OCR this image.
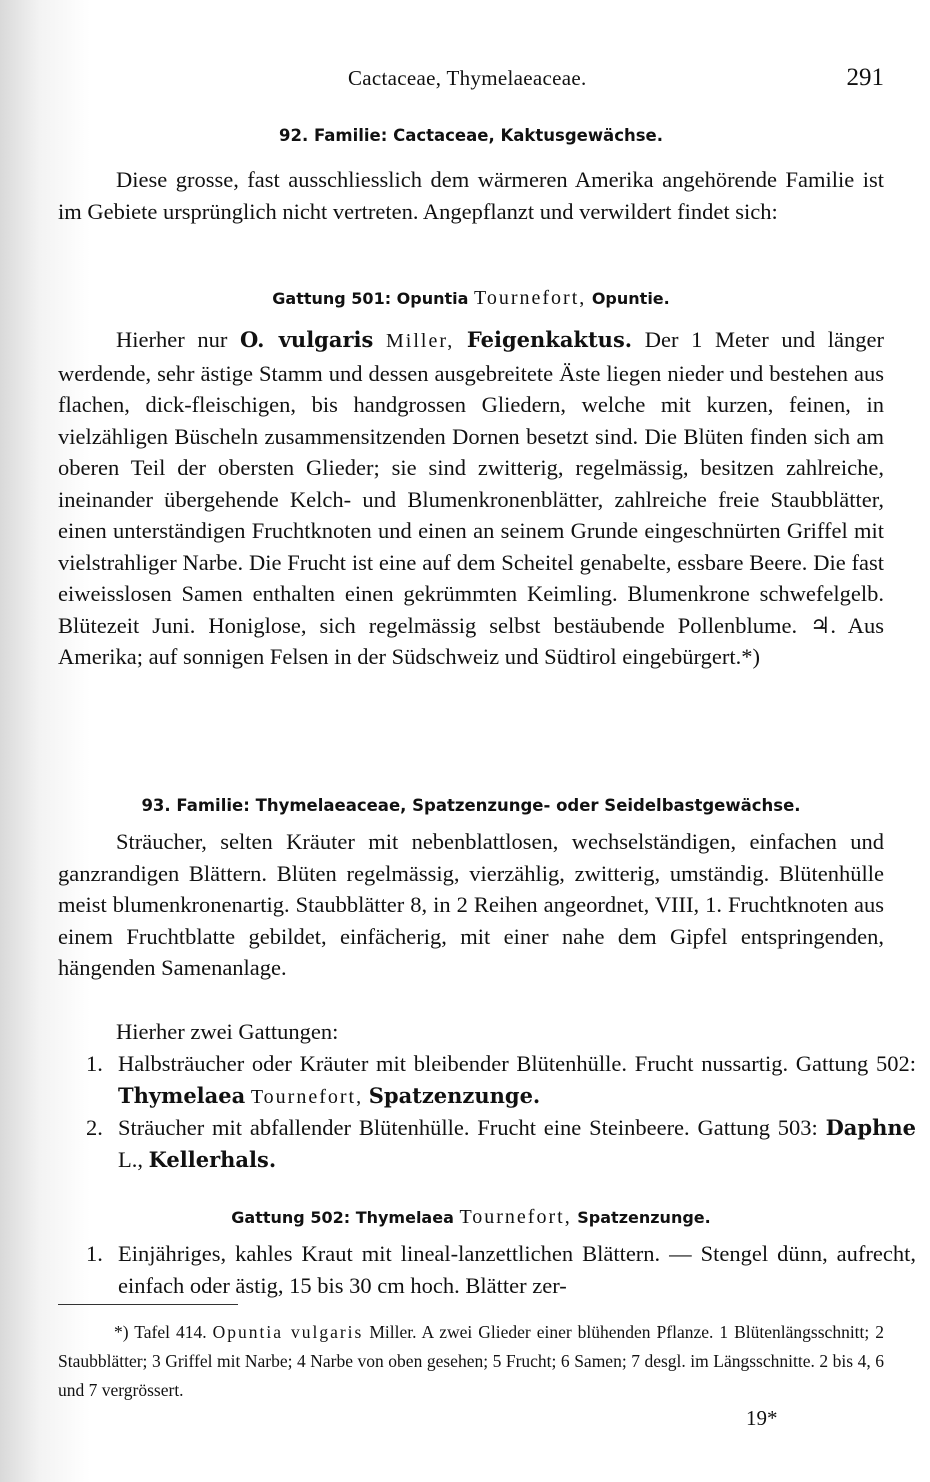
Cactaceae, Thymelaeaceae.	291
92. Familie: Cactaceae, Kaktusgewächse.
Diese grosse, fast ausschliesslich dem wärmeren Amerika angehörende Familie ist im Gebiete ursprünglich nicht vertreten. Angepflanzt und verwildert findet sich:
Gattung 501: Opuntia Tournefort, Opuntie.
Hierher nur O. vulgaris Miller, Feigenkaktus. Der 1 Meter und länger werdende, sehr ästige Stamm und dessen ausgebreitete Äste liegen nieder und bestehen aus flachen, dick-fleischigen, bis handgrossen Gliedern, welche mit kurzen, feinen, in vielzähligen Büscheln zusammensitzenden Dornen besetzt sind. Die Blüten finden sich am oberen Teil der obersten Glieder; sie sind zwitterig, regelmässig, besitzen zahlreiche, ineinander übergehende Kelch- und Blumenkronenblätter, zahlreiche freie Staubblätter, einen unterständigen Fruchtknoten und einen an seinem Grunde eingeschnürten Griffel mit vielstrahliger Narbe. Die Frucht ist eine auf dem Scheitel genabelte, essbare Beere. Die fast eiweisslosen Samen enthalten einen gekrümmten Keimling. Blumenkrone schwefelgelb. Blütezeit Juni. Honiglose, sich regelmässig selbst bestäubende Pollenblume. ♃. Aus Amerika; auf sonnigen Felsen in der Südschweiz und Südtirol eingebürgert.*)
93. Familie: Thymelaeaceae, Spatzenzunge- oder Seidelbastgewächse.
Sträucher, selten Kräuter mit nebenblattlosen, wechselständigen, einfachen und ganzrandigen Blättern. Blüten regelmässig, vierzählig, zwitterig, umständig. Blütenhülle meist blumenkronenartig. Staubblätter 8, in 2 Reihen angeordnet, VIII, 1. Fruchtknoten aus einem Fruchtblatte gebildet, einfächerig, mit einer nahe dem Gipfel entspringenden, hängenden Samenanlage.
Hierher zwei Gattungen:
1. Halbsträucher oder Kräuter mit bleibender Blütenhülle. Frucht nussartig. Gattung 502: Thymelaea Tournefort, Spatzenzunge.
2. Sträucher mit abfallender Blütenhülle. Frucht eine Steinbeere. Gattung 503: Daphne L., Kellerhals.
Gattung 502: Thymelaea Tournefort, Spatzenzunge.
1. Einjähriges, kahles Kraut mit lineal-lanzettlichen Blättern. — Stengel dünn, aufrecht, einfach oder ästig, 15 bis 30 cm hoch. Blätter zer-
*) Tafel 414. Opuntia vulgaris Miller. A zwei Glieder einer blühenden Pflanze. 1 Blütenlängsschnitt; 2 Staubblätter; 3 Griffel mit Narbe; 4 Narbe von oben gesehen; 5 Frucht; 6 Samen; 7 desgl. im Längsschnitte. 2 bis 4, 6 und 7 vergrössert.
19*
